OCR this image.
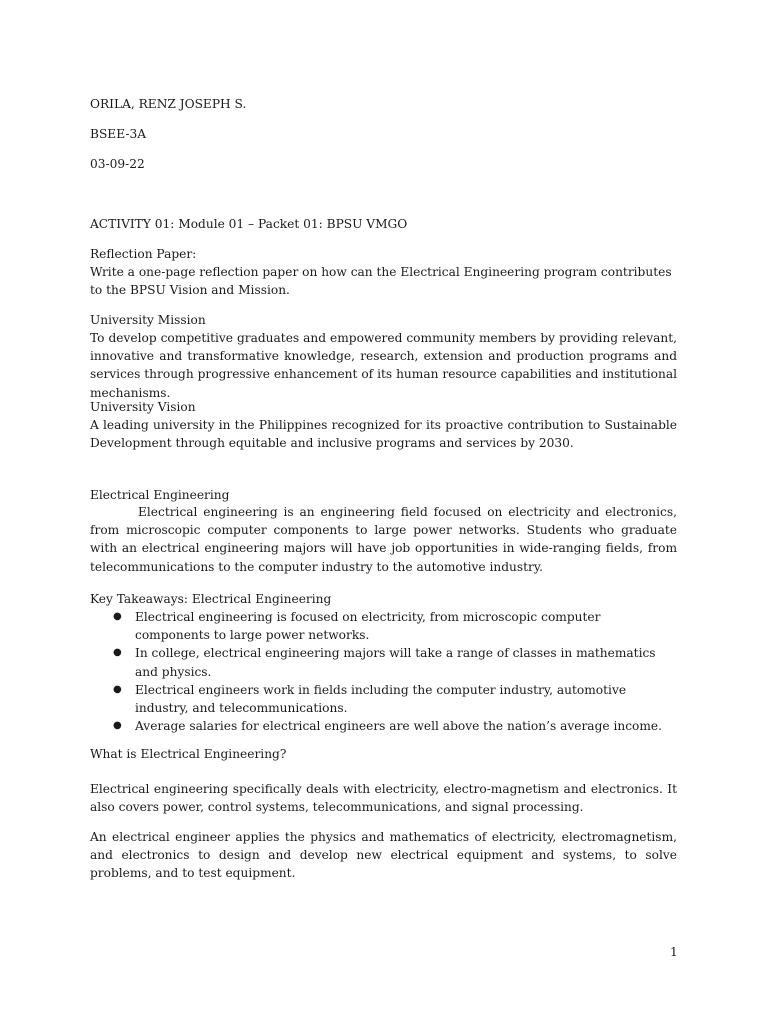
ORILA, RENZ JOSEPH S.
BSEE-3A
03-09-22
ACTIVITY 01: Module 01 – Packet 01: BPSU VMGO
Reflection Paper:
Write a one-page reflection paper on how can the Electrical Engineering program contributes
to the BPSU Vision and Mission.
University Mission
To develop competitive graduates and empowered community members by providing relevant, innovative and transformative knowledge, research, extension and production programs and services through progressive enhancement of its human resource capabilities and institutional mechanisms.
University Vision
A leading university in the Philippines recognized for its proactive contribution to Sustainable Development through equitable and inclusive programs and services by 2030.
Electrical Engineering
Electrical engineering is an engineering field focused on electricity and electronics, from microscopic computer components to large power networks. Students who graduate with an electrical engineering majors will have job opportunities in wide-ranging fields, from telecommunications to the computer industry to the automotive industry.
Key Takeaways: Electrical Engineering
● Electrical engineering is focused on electricity, from microscopic computer components to large power networks.
● In college, electrical engineering majors will take a range of classes in mathematics and physics.
● Electrical engineers work in fields including the computer industry, automotive industry, and telecommunications.
● Average salaries for electrical engineers are well above the nation’s average income.
What is Electrical Engineering?
Electrical engineering specifically deals with electricity, electro-magnetism and electronics. It also covers power, control systems, telecommunications, and signal processing.
An electrical engineer applies the physics and mathematics of electricity, electromagnetism, and electronics to design and develop new electrical equipment and systems, to solve problems, and to test equipment.
1
